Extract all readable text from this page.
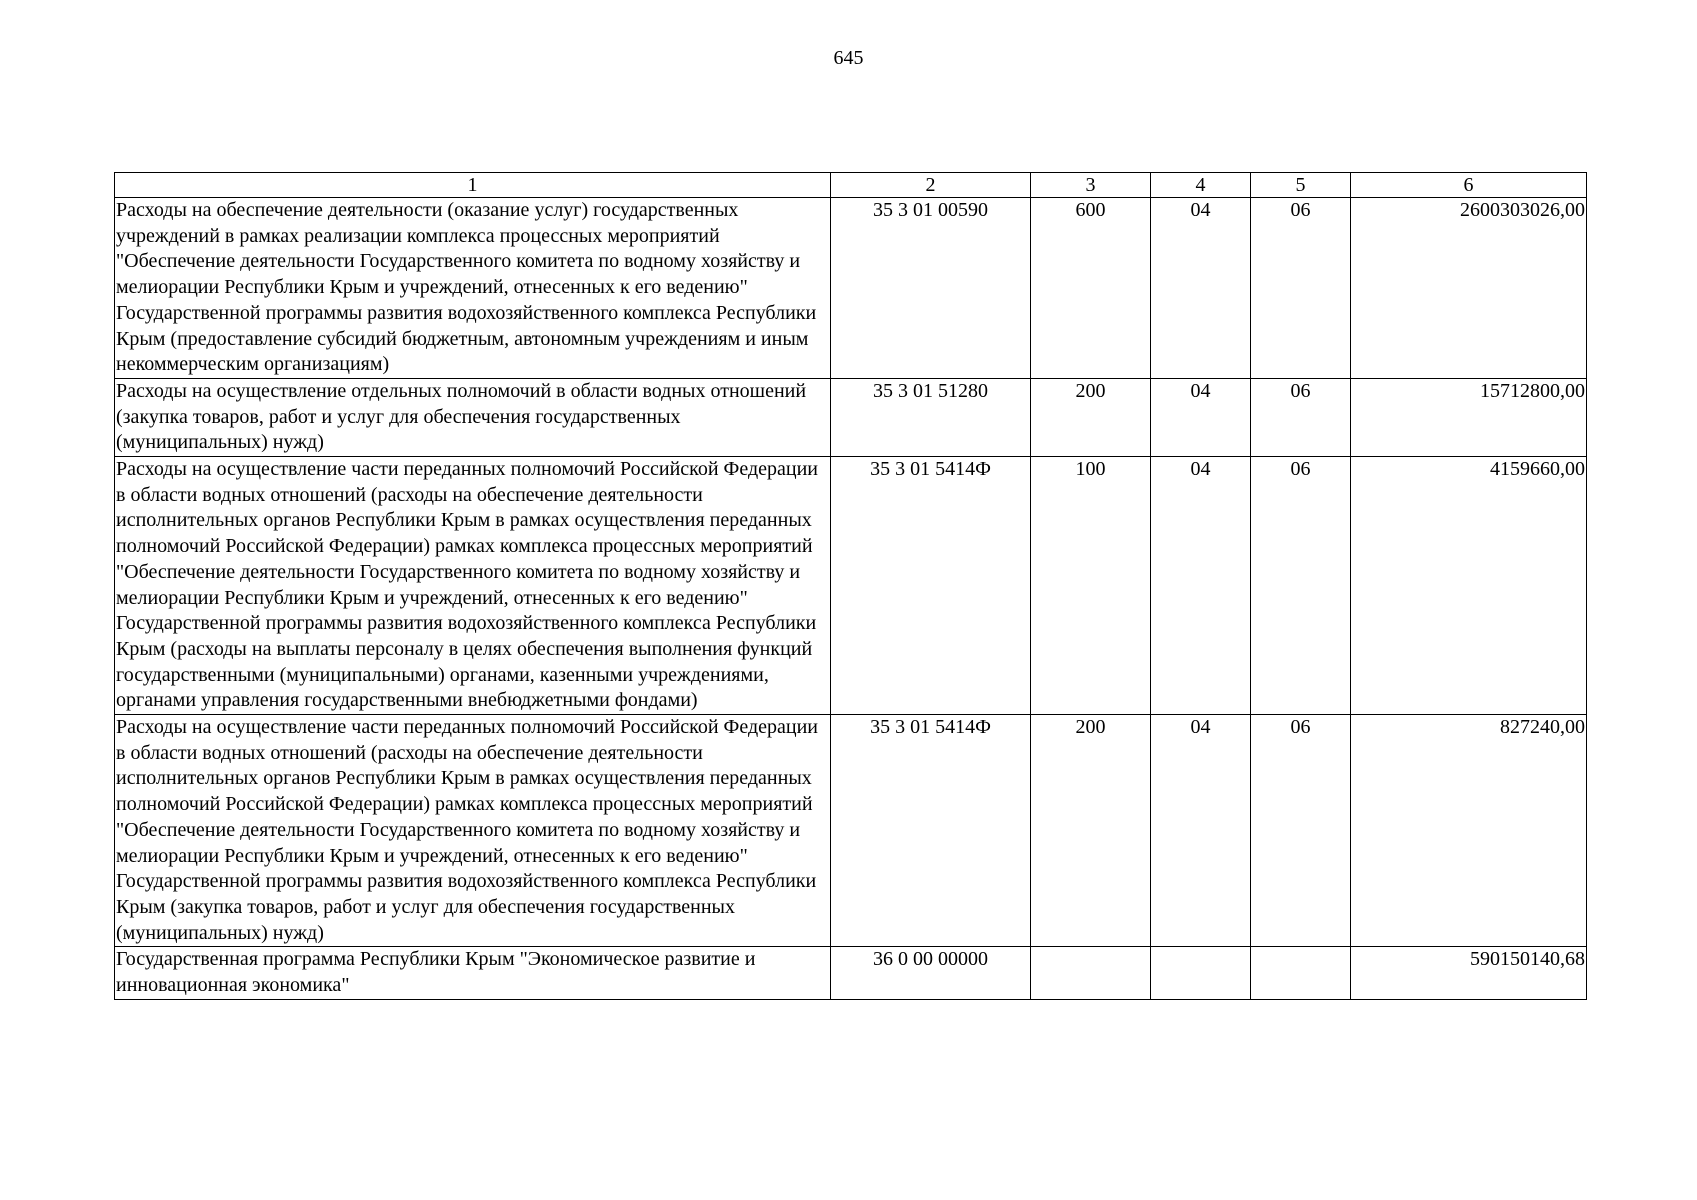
645
1	2	3	4	5	6
Расходы на обеспечение деятельности (оказание услуг) государственных учреждений в рамках реализации комплекса процессных мероприятий "Обеспечение деятельности Государственного комитета по водному хозяйству и мелиорации Республики Крым и учреждений, отнесенных к его ведению" Государственной программы развития водохозяйственного комплекса Республики Крым (предоставление субсидий бюджетным, автономным учреждениям и иным некоммерческим организациям)	35 3 01 00590	600	04	06	2600303026,00
Расходы на осуществление отдельных полномочий в области водных отношений (закупка товаров, работ и услуг для обеспечения государственных (муниципальных) нужд)	35 3 01 51280	200	04	06	15712800,00
Расходы на осуществление части переданных полномочий Российской Федерации в области водных отношений (расходы на обеспечение деятельности исполнительных органов Республики Крым в рамках осуществления переданных полномочий Российской Федерации) рамках комплекса процессных мероприятий "Обеспечение деятельности Государственного комитета по водному хозяйству и мелиорации Республики Крым и учреждений, отнесенных к его ведению" Государственной программы развития водохозяйственного комплекса Республики Крым (расходы на выплаты персоналу в целях обеспечения выполнения функций государственными (муниципальными) органами, казенными учреждениями, органами управления государственными внебюджетными фондами)	35 3 01 5414Ф	100	04	06	4159660,00
Расходы на осуществление части переданных полномочий Российской Федерации в области водных отношений (расходы на обеспечение деятельности исполнительных органов Республики Крым в рамках осуществления переданных полномочий Российской Федерации) рамках комплекса процессных мероприятий "Обеспечение деятельности Государственного комитета по водному хозяйству и мелиорации Республики Крым и учреждений, отнесенных к его ведению" Государственной программы развития водохозяйственного комплекса Республики Крым (закупка товаров, работ и услуг для обеспечения государственных (муниципальных) нужд)	35 3 01 5414Ф	200	04	06	827240,00
Государственная программа Республики Крым "Экономическое развитие и инновационная экономика"	36 0 00 00000				590150140,68
